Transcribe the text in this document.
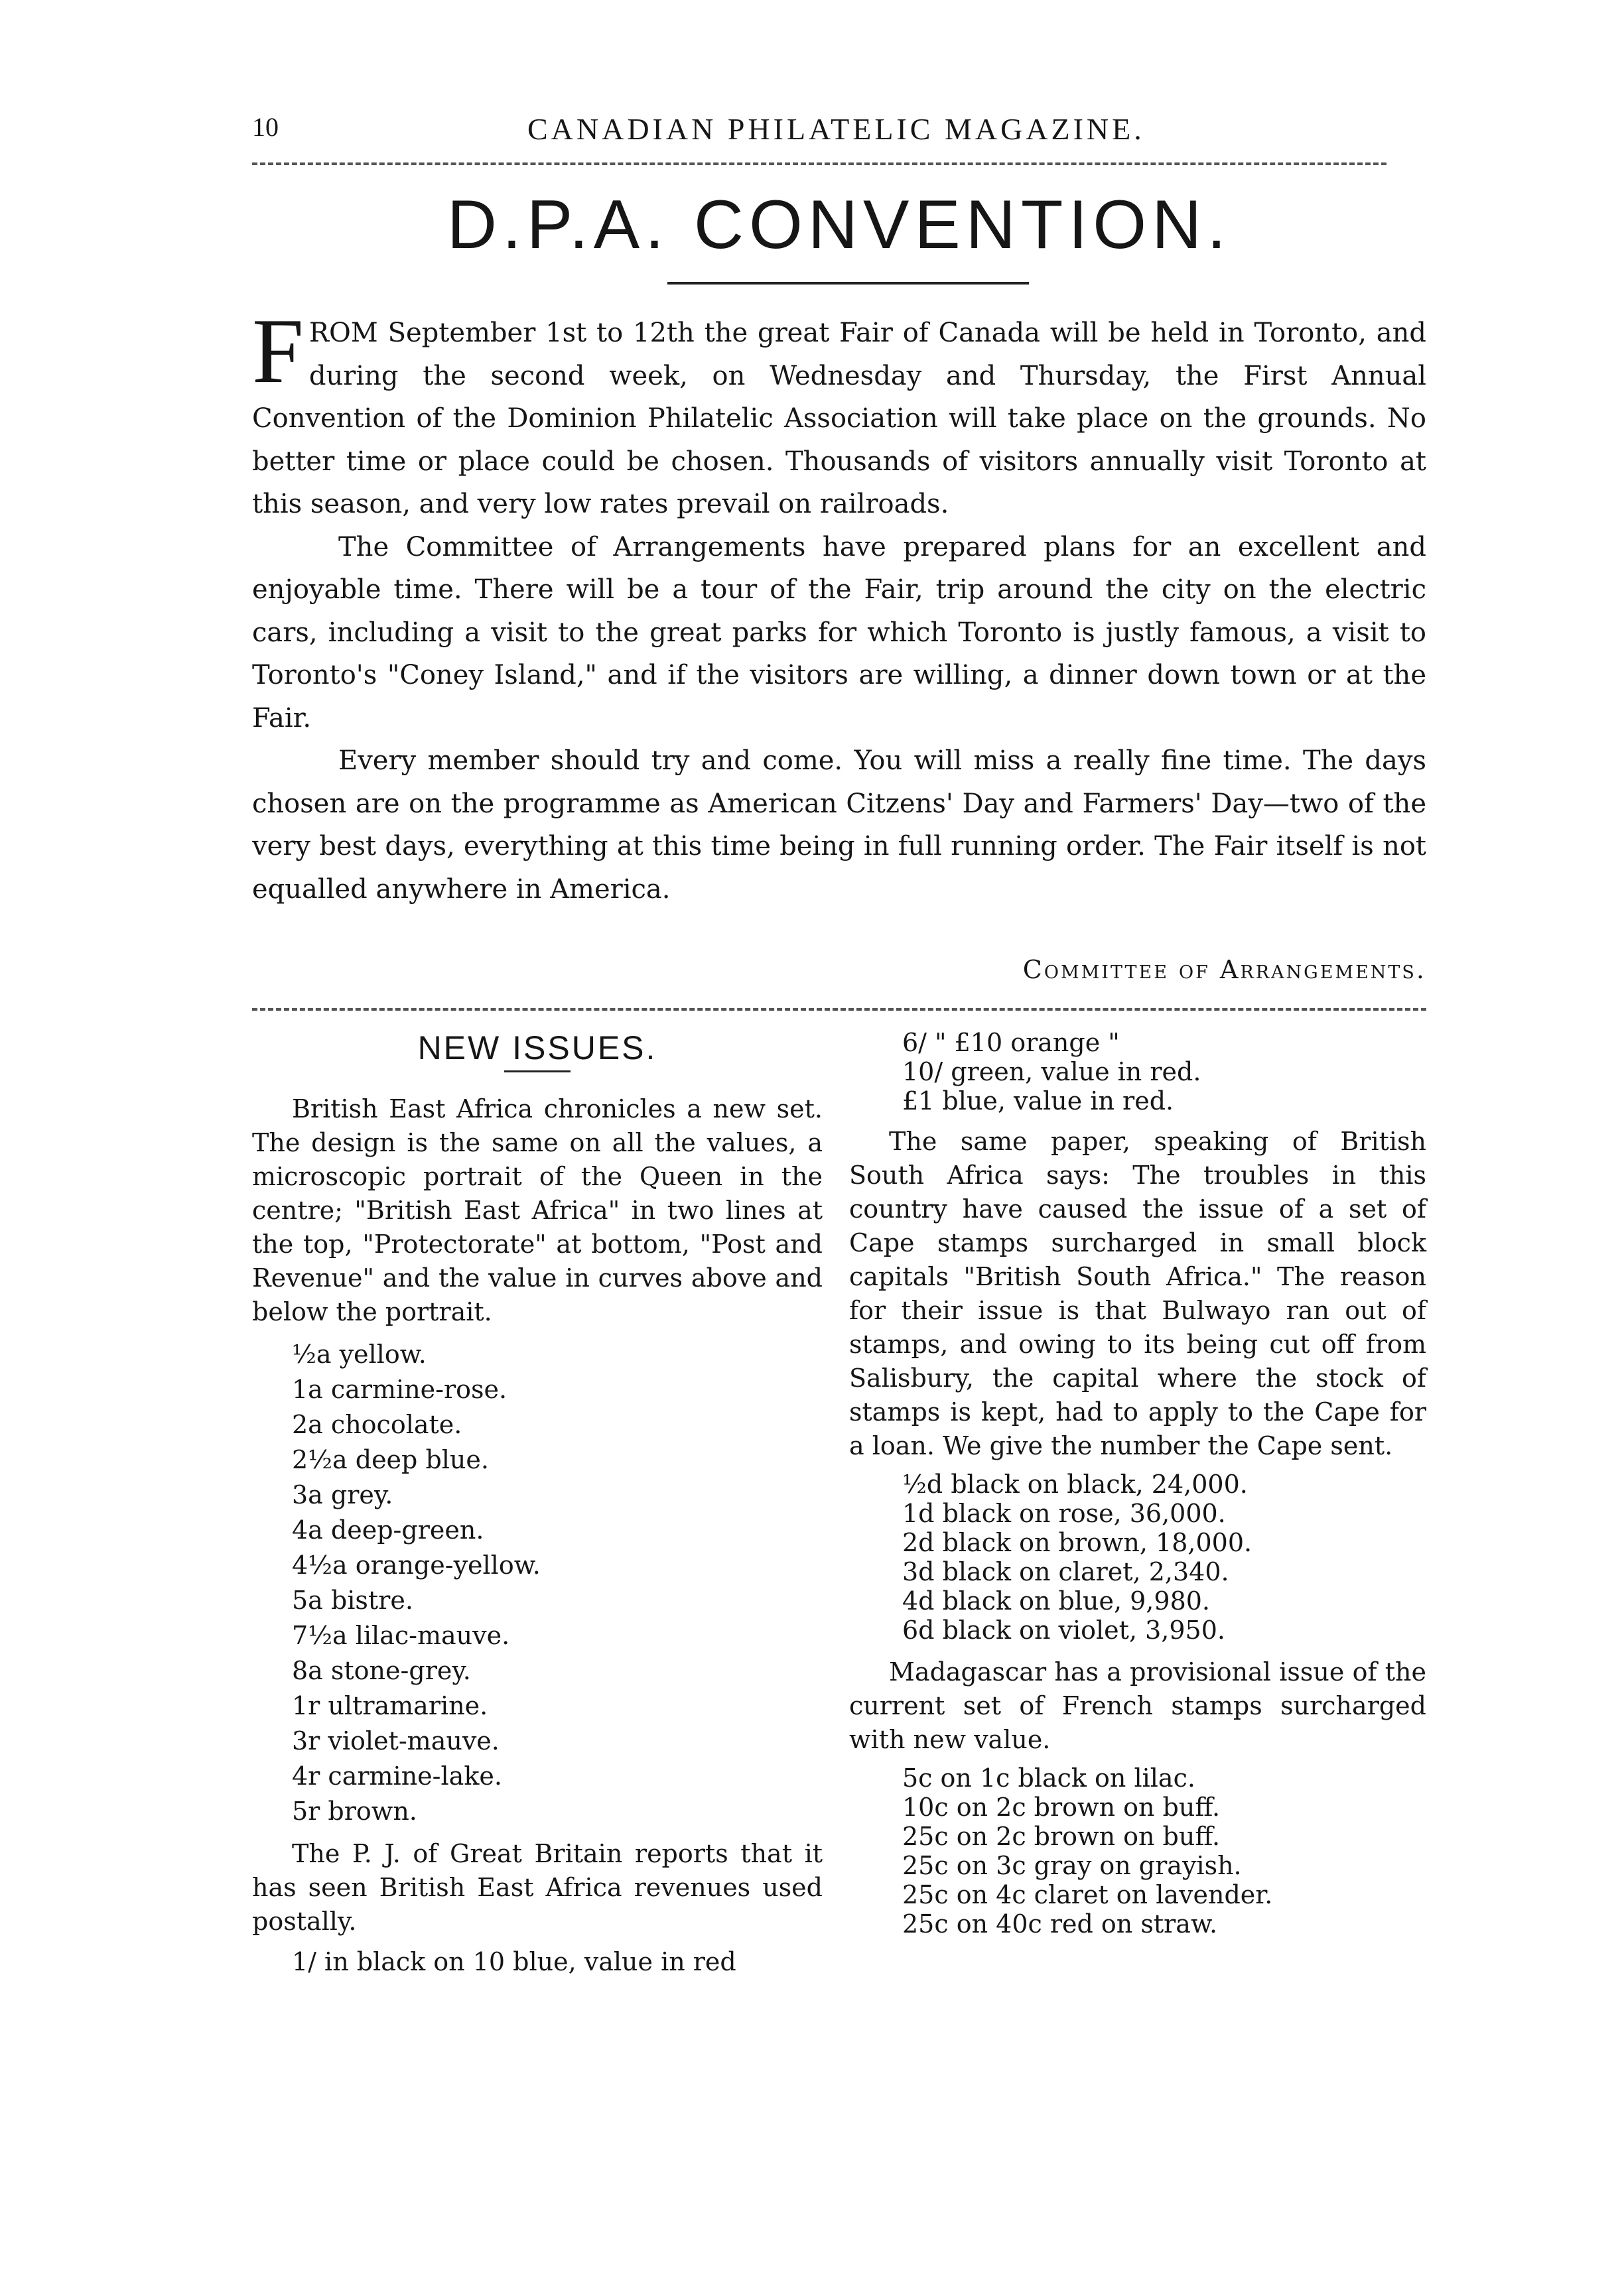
10	CANADIAN PHILATELIC MAGAZINE.
D.P.A. CONVENTION.

FROM September 1st to 12th the great Fair of Canada will be held in Toronto, and during the second week, on Wednesday and Thursday, the First Annual Convention of the Dominion Philatelic Association will take place on the grounds. No better time or place could be chosen. Thousands of visitors annually visit Toronto at this season, and very low rates prevail on railroads.

The Committee of Arrangements have prepared plans for an excellent and enjoyable time. There will be a tour of the Fair, trip around the city on the electric cars, including a visit to the great parks for which Toronto is justly famous, a visit to Toronto's "Coney Island," and if the visitors are willing, a dinner down town or at the Fair.

Every member should try and come. You will miss a really fine time. The days chosen are on the programme as American Citzens' Day and Farmers' Day—two of the very best days, everything at this time being in full running order. The Fair itself is not equalled anywhere in America.

Committee of Arrangements.
NEW ISSUES.

British East Africa chronicles a new set. The design is the same on all the values, a microscopic portrait of the Queen in the centre; "British East Africa" in two lines at the top, "Protectorate" at bottom, "Post and Revenue" and the value in curves above and below the portrait.

½a yellow.
1a carmine-rose.
2a chocolate.
2½a deep blue.
3a grey.
4a deep-green.
4½a orange-yellow.
5a bistre.
7½a lilac-mauve.
8a stone-grey.
1r ultramarine.
3r violet-mauve.
4r carmine-lake.
5r brown.

The P. J. of Great Britain reports that it has seen British East Africa revenues used postally.

1/ in black on 10 blue, value in red

6/ " £10 orange "
10/ green, value in red.
£1 blue, value in red.

The same paper, speaking of British South Africa says: The troubles in this country have caused the issue of a set of Cape stamps surcharged in small block capitals "British South Africa." The reason for their issue is that Bulwayo ran out of stamps, and owing to its being cut off from Salisbury, the capital where the stock of stamps is kept, had to apply to the Cape for a loan. We give the number the Cape sent.

½d black on black, 24,000.
1d black on rose, 36,000.
2d black on brown, 18,000.
3d black on claret, 2,340.
4d black on blue, 9,980.
6d black on violet, 3,950.

Madagascar has a provisional issue of the current set of French stamps surcharged with new value.

5c on 1c black on lilac.
10c on 2c brown on buff.
25c on 2c brown on buff.
25c on 3c gray on grayish.
25c on 4c claret on lavender.
25c on 40c red on straw.
